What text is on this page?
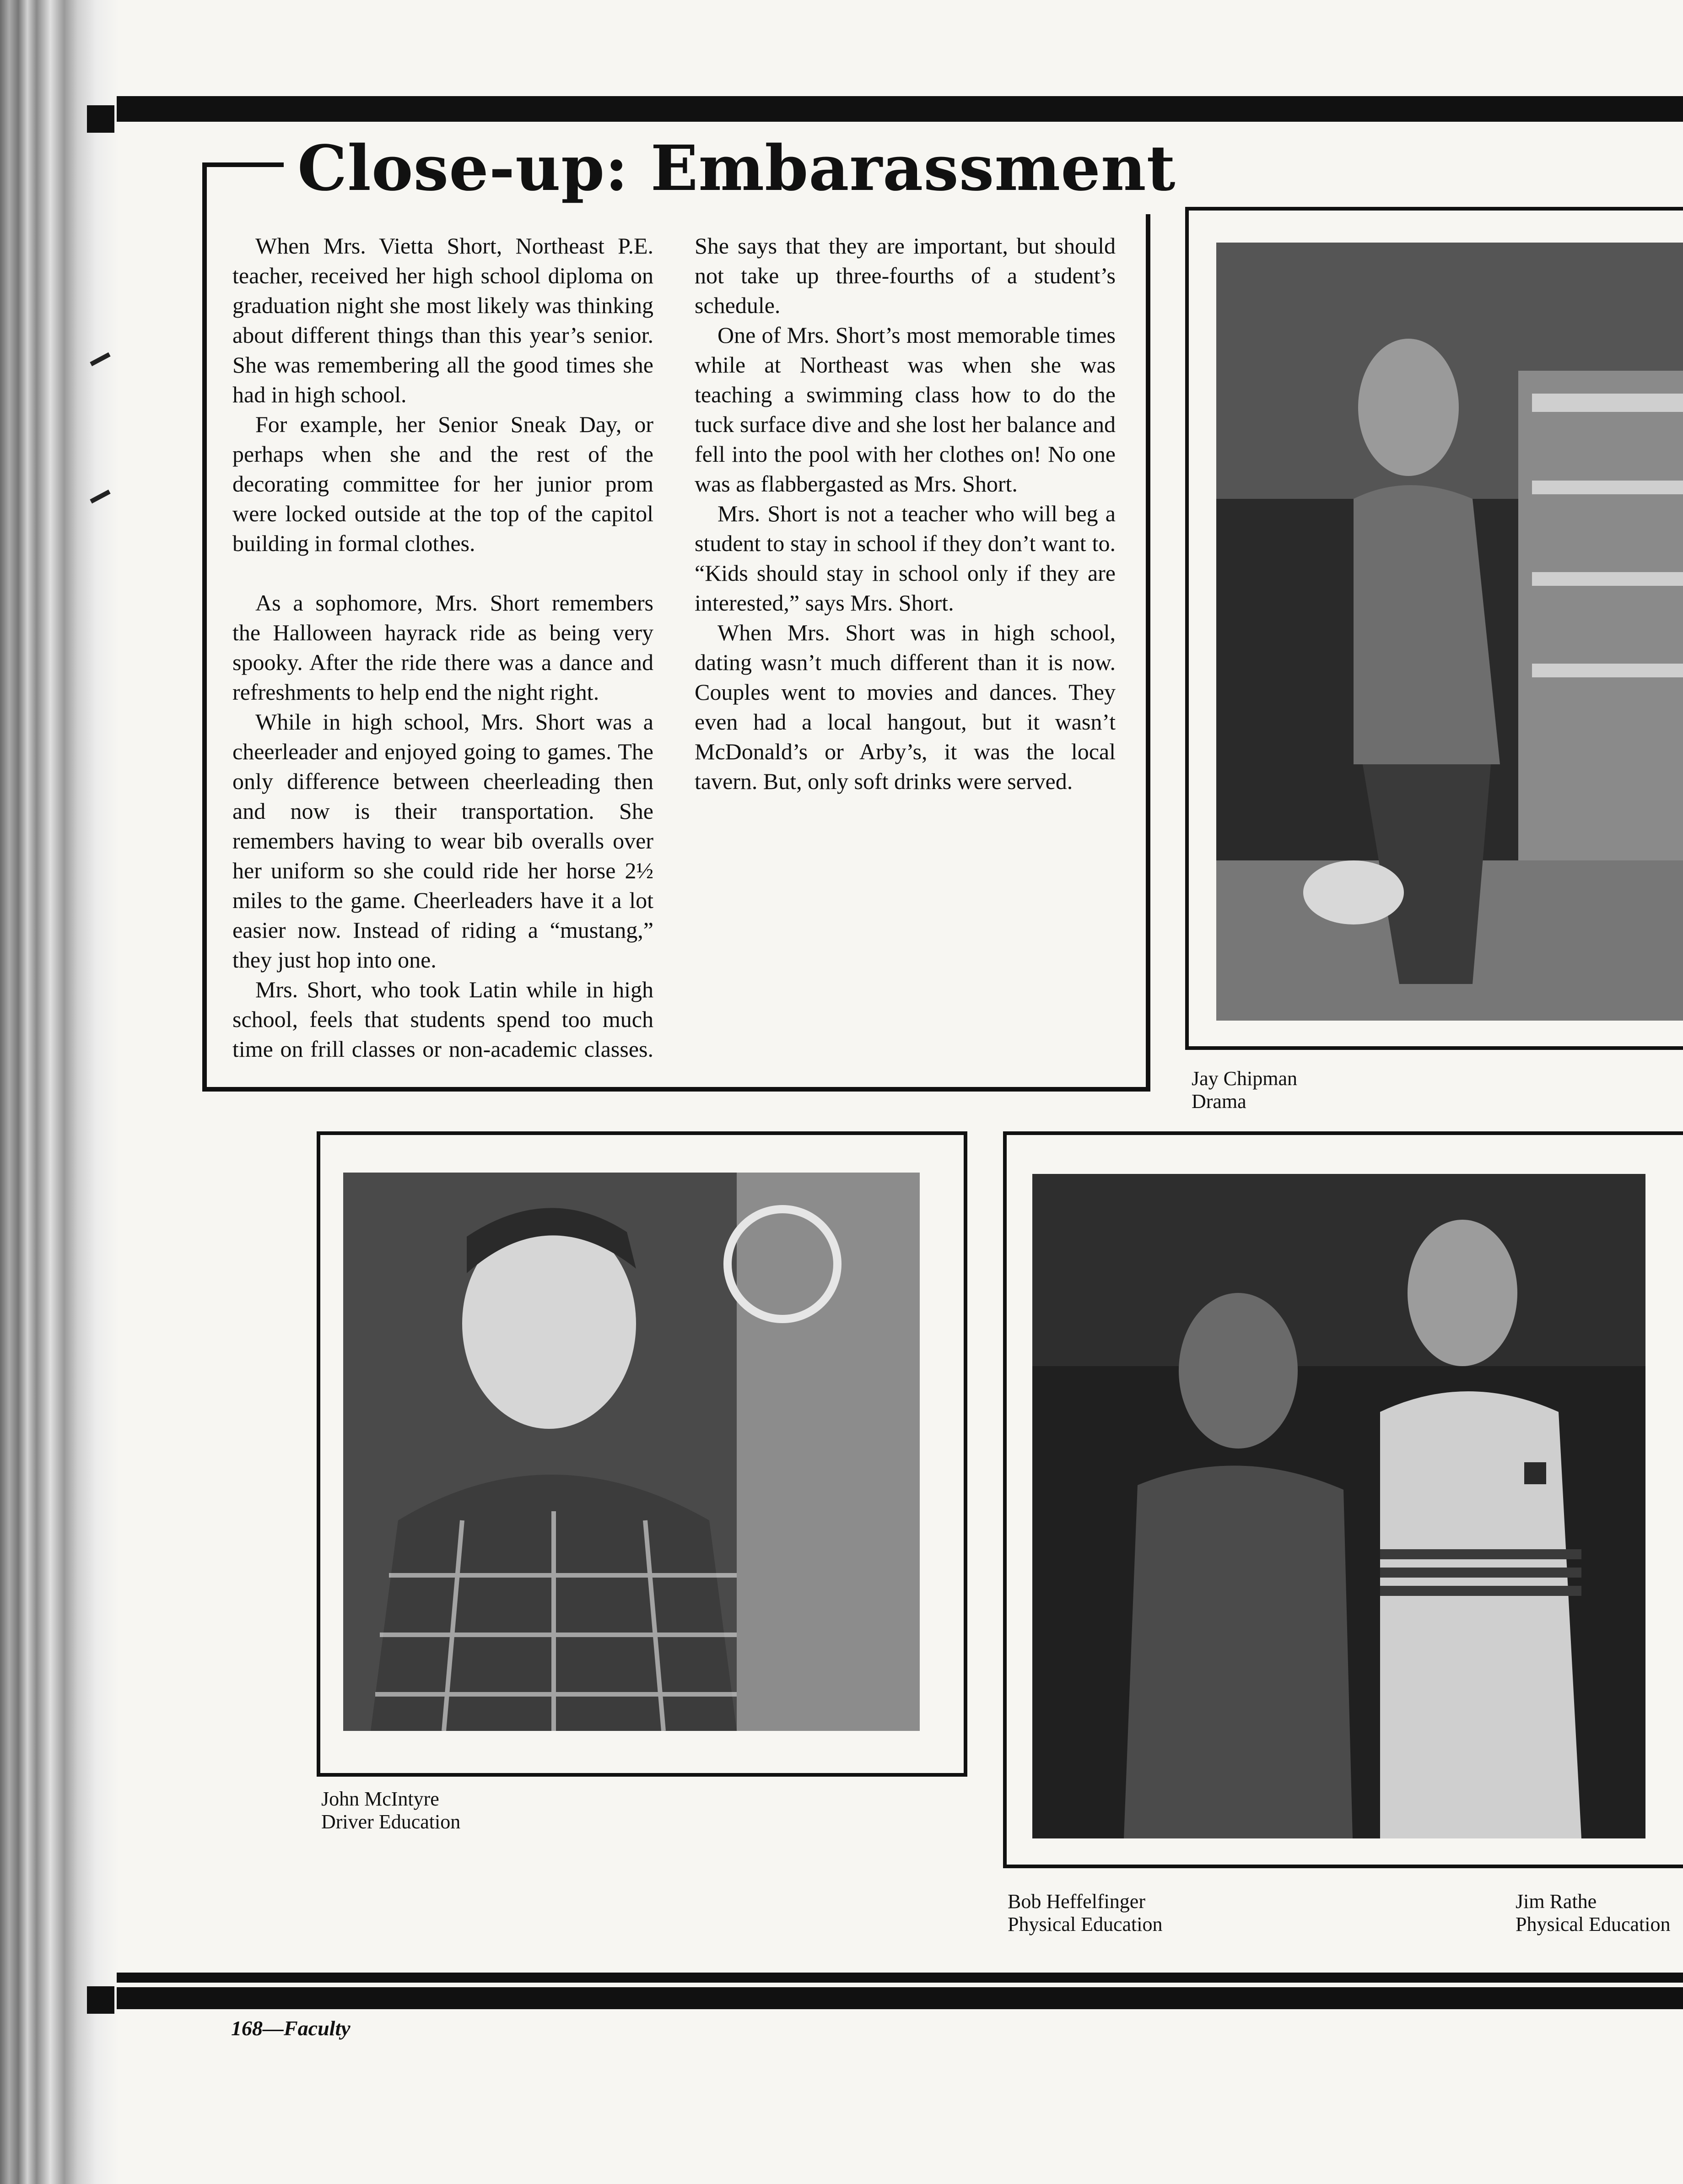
Close-up: Embarassment

When Mrs. Vietta Short, Northeast P.E. teacher, received her high school diploma on graduation night she most likely was thinking about different things than this year’s senior. She was remembering all the good times she had in high school.

For example, her Senior Sneak Day, or perhaps when she and the rest of the decorating committee for her junior prom were locked outside at the top of the capitol building in formal clothes.

As a sophomore, Mrs. Short remembers the Halloween hayrack ride as being very spooky. After the ride there was a dance and refreshments to help end the night right.

While in high school, Mrs. Short was a cheerleader and enjoyed going to games. The only difference between cheerleading then and now is their transportation. She remembers having to wear bib overalls over her uniform so she could ride her horse 2½ miles to the game. Cheerleaders have it a lot easier now. Instead of riding a “mustang,” they just hop into one.

Mrs. Short, who took Latin while in high school, feels that students spend too much time on frill classes or non-academic classes. She says that they are important, but should not take up three-fourths of a student’s schedule.

One of Mrs. Short’s most memorable times while at Northeast was when she was teaching a swimming class how to do the tuck surface dive and she lost her balance and fell into the pool with her clothes on! No one was as flabbergasted as Mrs. Short.

Mrs. Short is not a teacher who will beg a student to stay in school if they don’t want to. “Kids should stay in school only if they are interested,” says Mrs. Short.

When Mrs. Short was in high school, dating wasn’t much different than it is now. Couples went to movies and dances. They even had a local hangout, but it wasn’t McDonald’s or Arby’s, it was the local tavern. But, only soft drinks were served.

Jay Chipman
Drama
John McIntyre
Driver Education
Bob Heffelfinger
Physical Education
Jim Rathe
Physical Education
168—Faculty
